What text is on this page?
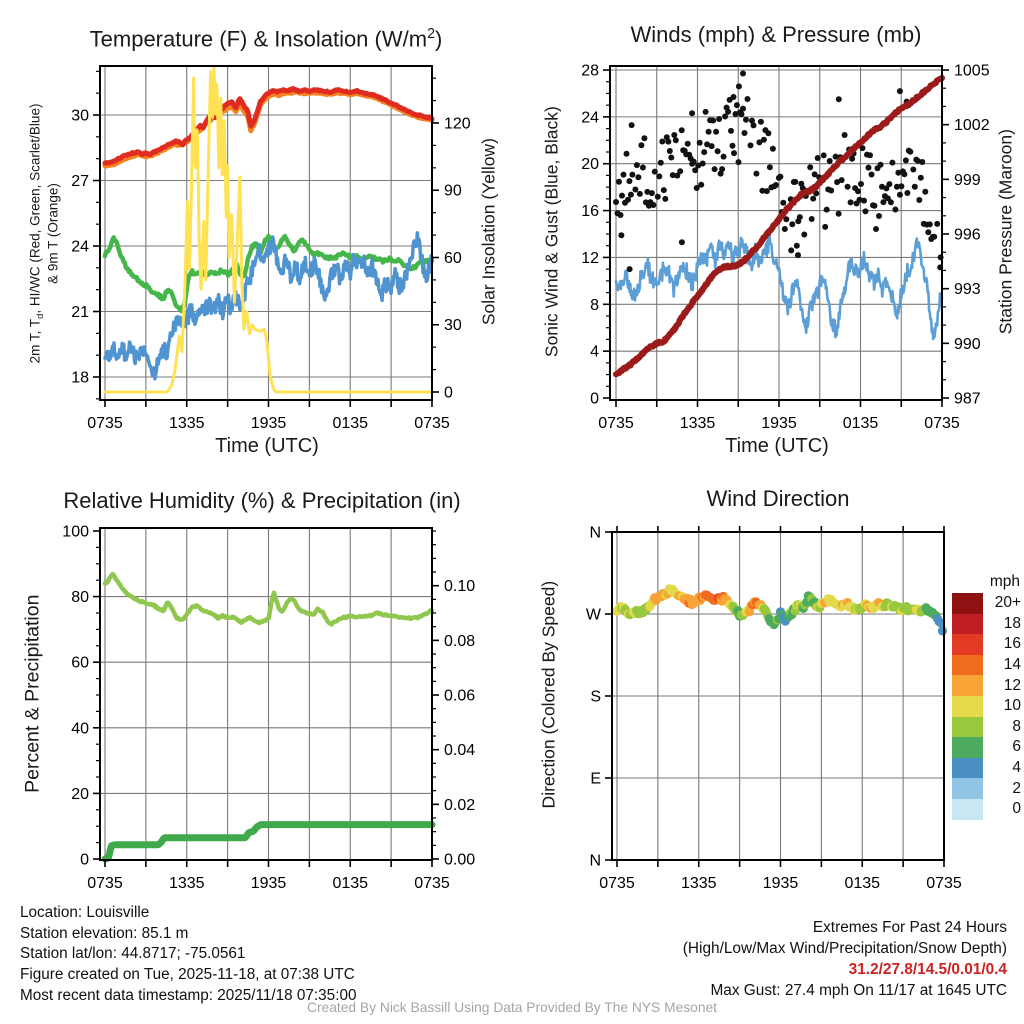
Temperature (F) & Insolation $(W/m^2)$	Winds (mph) & Pressure (mb)
Relative Humidity (%) & Precipitation (in)	Wind Direction
2m T, $T_d$, HI/WC (Red, Green, Scarlet/Blue) & 9m T (Orange)	Solar Insolation (Yellow) Sonic Wind & Gust (Blue, Black)	Station Pressure (Maroon)
Percent & Precipitation	Direction (Colored By Speed)
Time (UTC)	Time (UTC)
0735	1335	1935	0135	0735
18
21
24
27
30
0
30
60
90
120
0735	1335	1935	0135	0735
0
4
8
12
16
20
24
28
987
990
993
996
999
1002
1005
0735	1335	1935	0135	0735
0
20
40
60
80
100
0.00
0.02
0.04
0.06
0.08
0.10
0735	1335	1935	0135	0735
N
E
S
W
N
mph
20+
18
16
14
12
10
8
6
4
2
0
Location: Louisville
Station elevation: 85.1 m
Station lat/lon: 44.8717; -75.0561
Figure created on Tue, 2025-11-18, at 07:38 UTC
Most recent data timestamp: 2025/11/18 07:35:00
Extremes For Past 24 Hours
(High/Low/Max Wind/Precipitation/Snow Depth)
31.2/27.8/14.5/0.01/0.4
Max Gust: 27.4 mph On 11/17 at 1645 UTC
Created By Nick Bassill Using Data Provided By The NYS Mesonet
